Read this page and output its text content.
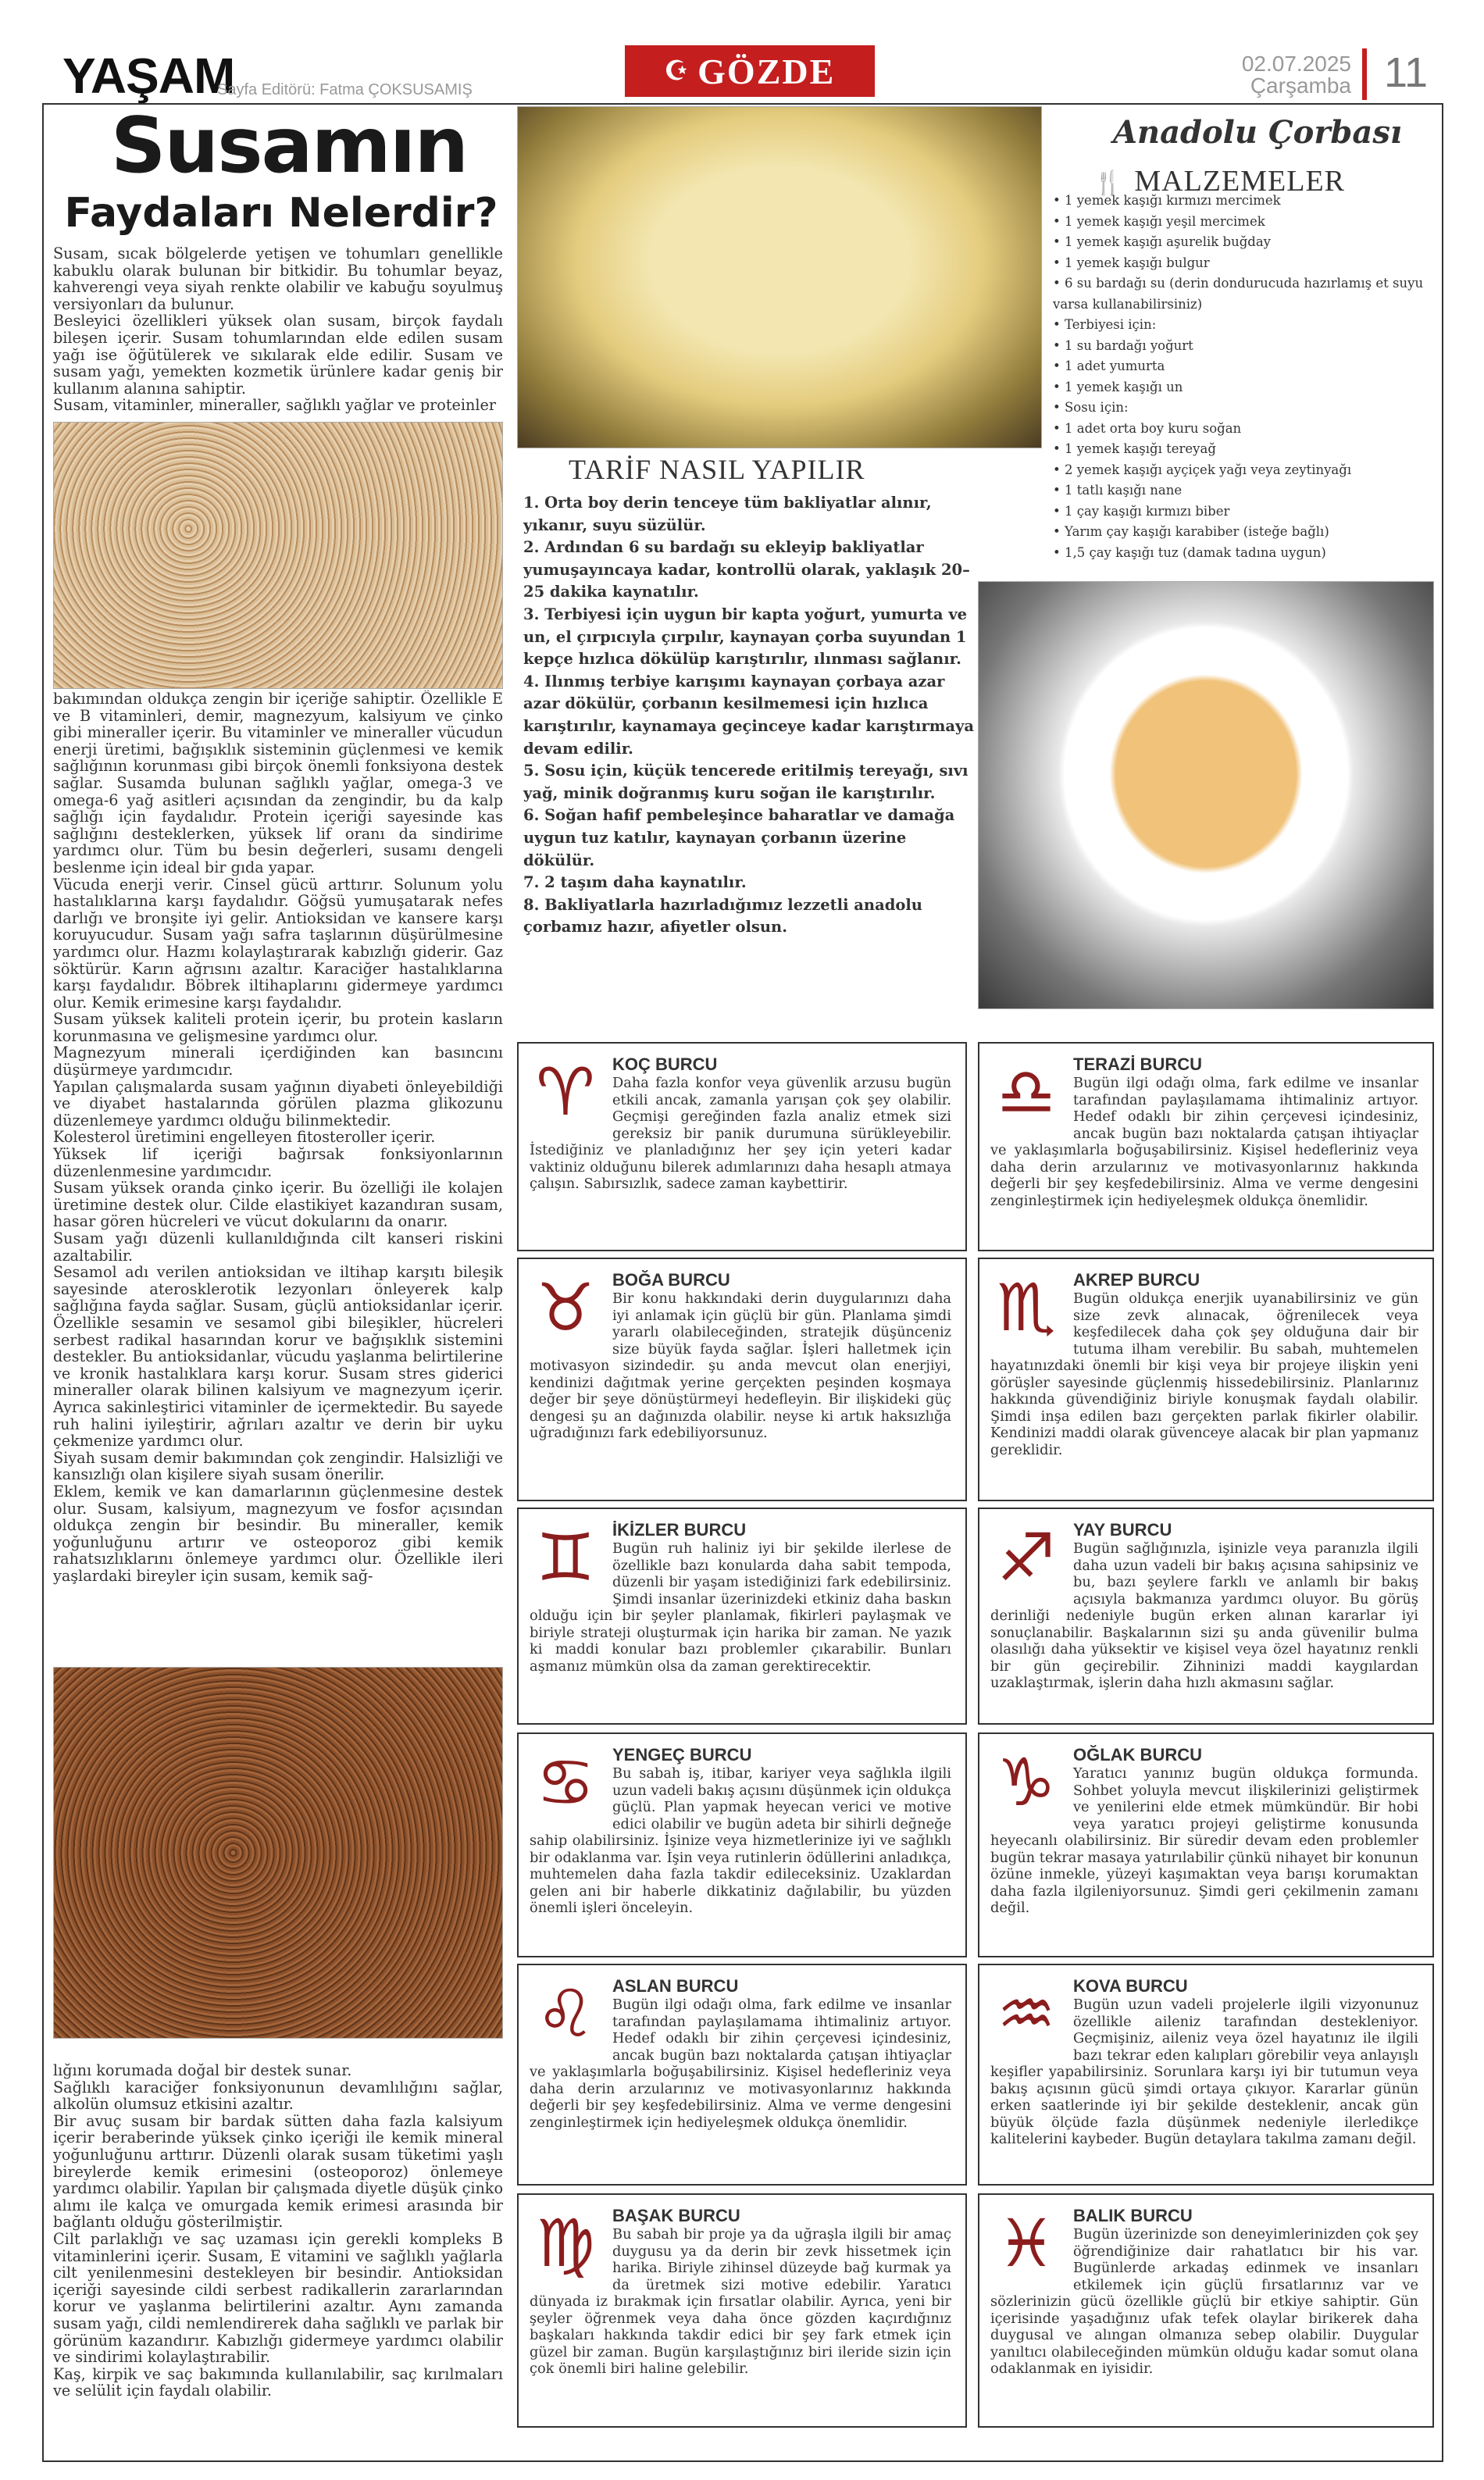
YAŞAM
Sayfa Editörü: Fatma ÇOKSUSAMIŞ
☪ GÖZDE	02.07.2025
Çarşamba 11
Susamın
Faydaları Nelerdir?

Susam, sıcak bölgelerde yetişen ve tohumları genellikle kabuklu olarak bulunan bir bitkidir. Bu tohumlar beyaz, kahverengi veya siyah renkte olabilir ve kabuğu soyulmuş versiyonları da bulunur.

Besleyici özellikleri yüksek olan susam, birçok faydalı bileşen içerir. Susam tohumlarından elde edilen susam yağı ise öğütülerek ve sıkılarak elde edilir. Susam ve susam yağı, yemekten kozmetik ürünlere kadar geniş bir kullanım alanına sahiptir.

Susam, vitaminler, mineraller, sağlıklı yağlar ve proteinler

bakımından oldukça zengin bir içeriğe sahiptir. Özellikle E ve B vitaminleri, demir, magnezyum, kalsiyum ve çinko gibi mineraller içerir. Bu vitaminler ve mineraller vücudun enerji üretimi, bağışıklık sisteminin güçlenmesi ve kemik sağlığının korunması gibi birçok önemli fonksiyona destek sağlar. Susamda bulunan sağlıklı yağlar, omega-3 ve omega-6 yağ asitleri açısından da zengindir, bu da kalp sağlığı için faydalıdır. Protein içeriği sayesinde kas sağlığını desteklerken, yüksek lif oranı da sindirime yardımcı olur. Tüm bu besin değerleri, susamı dengeli beslenme için ideal bir gıda yapar.

Vücuda enerji verir. Cinsel gücü arttırır. Solunum yolu hastalıklarına karşı faydalıdır. Göğsü yumuşatarak nefes darlığı ve bronşite iyi gelir. Antioksidan ve kansere karşı koruyucudur. Susam yağı safra taşlarının düşürülmesine yardımcı olur. Hazmı kolaylaştırarak kabızlığı giderir. Gaz söktürür. Karın ağrısını azaltır. Karaciğer hastalıklarına karşı faydalıdır. Böbrek iltihaplarını gidermeye yardımcı olur. Kemik erimesine karşı faydalıdır.

Susam yüksek kaliteli protein içerir, bu protein kasların korunmasına ve gelişmesine yardımcı olur.

Magnezyum minerali içerdiğinden kan basıncını düşürmeye yardımcıdır.

Yapılan çalışmalarda susam yağının diyabeti önleyebildiği ve diyabet hastalarında görülen plazma glikozunu düzenlemeye yardımcı olduğu bilinmektedir.

Kolesterol üretimini engelleyen fitosteroller içerir.

Yüksek lif içeriği bağırsak fonksiyonlarının düzenlenmesine yardımcıdır.

Susam yüksek oranda çinko içerir. Bu özelliği ile kolajen üretimine destek olur. Cilde elastikiyet kazandıran susam, hasar gören hücreleri ve vücut dokularını da onarır.

Susam yağı düzenli kullanıldığında cilt kanseri riskini azaltabilir.

Sesamol adı verilen antioksidan ve iltihap karşıtı bileşik sayesinde aterosklerotik lezyonları önleyerek kalp sağlığına fayda sağlar. Susam, güçlü antioksidanlar içerir. Özellikle sesamin ve sesamol gibi bileşikler, hücreleri serbest radikal hasarından korur ve bağışıklık sistemini destekler. Bu antioksidanlar, vücudu yaşlanma belirtilerine ve kronik hastalıklara karşı korur. Susam stres giderici mineraller olarak bilinen kalsiyum ve magnezyum içerir. Ayrıca sakinleştirici vitaminler de içermektedir. Bu sayede ruh halini iyileştirir, ağrıları azaltır ve derin bir uyku çekmenize yardımcı olur.

Siyah susam demir bakımından çok zengindir. Halsizliği ve kansızlığı olan kişilere siyah susam önerilir.

Eklem, kemik ve kan damarlarının güçlenmesine destek olur. Susam, kalsiyum, magnezyum ve fosfor açısından oldukça zengin bir besindir. Bu mineraller, kemik yoğunluğunu artırır ve osteoporoz gibi kemik rahatsızlıklarını önlemeye yardımcı olur. Özellikle ileri yaşlardaki bireyler için susam, kemik sağ-

lığını korumada doğal bir destek sunar.

Sağlıklı karaciğer fonksiyonunun devamlılığını sağlar, alkolün olumsuz etkisini azaltır.

Bir avuç susam bir bardak sütten daha fazla kalsiyum içerir beraberinde yüksek çinko içeriği ile kemik mineral yoğunluğunu arttırır. Düzenli olarak susam tüketimi yaşlı bireylerde kemik erimesini (osteoporoz) önlemeye yardımcı olabilir. Yapılan bir çalışmada diyetle düşük çinko alımı ile kalça ve omurgada kemik erimesi arasında bir bağlantı olduğu gösterilmiştir.

Cilt parlaklığı ve saç uzaması için gerekli kompleks B vitaminlerini içerir. Susam, E vitamini ve sağlıklı yağlarla cilt yenilenmesini destekleyen bir besindir. Antioksidan içeriği sayesinde cildi serbest radikallerin zararlarından korur ve yaşlanma belirtilerini azaltır. Aynı zamanda susam yağı, cildi nemlendirerek daha sağlıklı ve parlak bir görünüm kazandırır. Kabızlığı gidermeye yardımcı olabilir ve sindirimi kolaylaştırabilir.

Kaş, kirpik ve saç bakımında kullanılabilir, saç kırılmaları ve selülit için faydalı olabilir.

Anadolu Çorbası
🍴 MALZEMELER
• 1 yemek kaşığı kırmızı mercimek
• 1 yemek kaşığı yeşil mercimek
• 1 yemek kaşığı aşurelik buğday
• 1 yemek kaşığı bulgur
• 6 su bardağı su (derin dondurucuda hazırlamış et suyu varsa kullanabilirsiniz)
• Terbiyesi için:
• 1 su bardağı yoğurt
• 1 adet yumurta
• 1 yemek kaşığı un
• Sosu için:
• 1 adet orta boy kuru soğan
• 1 yemek kaşığı tereyağ
• 2 yemek kaşığı ayçiçek yağı veya zeytinyağı
• 1 tatlı kaşığı nane
• 1 çay kaşığı kırmızı biber
• Yarım çay kaşığı karabiber (isteğe bağlı)
• 1,5 çay kaşığı tuz (damak tadına uygun)
TARİF NASIL YAPILIR
1. Orta boy derin tenceye tüm bakliyatlar alınır, yıkanır, suyu süzülür.
2. Ardından 6 su bardağı su ekleyip bakliyatlar yumuşayıncaya kadar, kontrollü olarak, yaklaşık 20–25 dakika kaynatılır.
3. Terbiyesi için uygun bir kapta yoğurt, yumurta ve un, el çırpıcıyla çırpılır, kaynayan çorba suyundan 1 kepçe hızlıca dökülüp karıştırılır, ılınması sağlanır.
4. Ilınmış terbiye karışımı kaynayan çorbaya azar azar dökülür, çorbanın kesilmemesi için hızlıca karıştırılır, kaynamaya geçinceye kadar karıştırmaya devam edilir.
5. Sosu için, küçük tencerede eritilmiş tereyağı, sıvı yağ, minik doğranmış kuru soğan ile karıştırılır.
6. Soğan hafif pembeleşince baharatlar ve damağa uygun tuz katılır, kaynayan çorbanın üzerine dökülür.
7. 2 taşım daha kaynatılır.
8. Bakliyatlarla hazırladığımız lezzetli anadolu çorbamız hazır, afiyetler olsun.
♈	KOÇ BURCU

Daha fazla konfor veya güvenlik arzusu bugün etkili ancak, zamanla yarışan çok şey olabilir. Geçmişi gereğinden fazla analiz etmek sizi gereksiz bir panik durumuna sürükleyebilir. İstediğiniz ve planladığınız her şey için yeteri kadar vaktiniz olduğunu bilerek adımlarınızı daha hesaplı atmaya çalışın. Sabırsızlık, sadece zaman kaybettirir.

♎	TERAZİ BURCU

Bugün ilgi odağı olma, fark edilme ve insanlar tarafından paylaşılamama ihtimaliniz artıyor. Hedef odaklı bir zihin çerçevesi içindesiniz, ancak bugün bazı noktalarda çatışan ihtiyaçlar ve yaklaşımlarla boğuşabilirsiniz. Kişisel hedefleriniz veya daha derin arzularınız ve motivasyonlarınız hakkında değerli bir şey keşfedebilirsiniz. Alma ve verme dengesini zenginleştirmek için hediyeleşmek oldukça önemlidir.

♉	BOĞA BURCU

Bir konu hakkındaki derin duygularınızı daha iyi anlamak için güçlü bir gün. Planlama şimdi yararlı olabileceğinden, stratejik düşünceniz size büyük fayda sağlar. İşleri halletmek için motivasyon sizindedir. şu anda mevcut olan enerjiyi, kendinizi dağıtmak yerine gerçekten peşinden koşmaya değer bir şeye dönüştürmeyi hedefleyin. Bir ilişkideki güç dengesi şu an dağınızda olabilir. neyse ki artık haksızlığa uğradığınızı fark edebiliyorsunuz.

♏	AKREP BURCU

Bugün oldukça enerjik uyanabilirsiniz ve gün size zevk alınacak, öğrenilecek veya keşfedilecek daha çok şey olduğuna dair bir tutuma ilham verebilir. Bu sabah, muhtemelen hayatınızdaki önemli bir kişi veya bir projeye ilişkin yeni görüşler sayesinde güçlenmiş hissedebilirsiniz. Planlarınız hakkında güvendiğiniz biriyle konuşmak faydalı olabilir. Şimdi inşa edilen bazı gerçekten parlak fikirler olabilir. Kendinizi maddi olarak güvenceye alacak bir plan yapmanız gereklidir.

♊	İKİZLER BURCU

Bugün ruh haliniz iyi bir şekilde ilerlese de özellikle bazı konularda daha sabit tempoda, düzenli bir yaşam istediğinizi fark edebilirsiniz. Şimdi insanlar üzerinizdeki etkiniz daha baskın olduğu için bir şeyler planlamak, fikirleri paylaşmak ve biriyle strateji oluşturmak için harika bir zaman. Ne yazık ki maddi konular bazı problemler çıkarabilir. Bunları aşmanız mümkün olsa da zaman gerektirecektir.

♐	YAY BURCU

Bugün sağlığınızla, işinizle veya paranızla ilgili daha uzun vadeli bir bakış açısına sahipsiniz ve bu, bazı şeylere farklı ve anlamlı bir bakış açısıyla bakmanıza yardımcı oluyor. Bu görüş derinliği nedeniyle bugün erken alınan kararlar iyi sonuçlanabilir. Başkalarının sizi şu anda güvenilir bulma olasılığı daha yüksektir ve kişisel veya özel hayatınız renkli bir gün geçirebilir. Zihninizi maddi kaygılardan uzaklaştırmak, işlerin daha hızlı akmasını sağlar.

♋	YENGEÇ BURCU

Bu sabah iş, itibar, kariyer veya sağlıkla ilgili uzun vadeli bakış açısını düşünmek için oldukça güçlü. Plan yapmak heyecan verici ve motive edici olabilir ve bugün adeta bir sihirli değneğe sahip olabilirsiniz. İşinize veya hizmetlerinize iyi ve sağlıklı bir odaklanma var. İşin veya rutinlerin ödüllerini anladıkça, muhtemelen daha fazla takdir edileceksiniz. Uzaklardan gelen ani bir haberle dikkatiniz dağılabilir, bu yüzden önemli işleri önceleyin.

♑	OĞLAK BURCU

Yaratıcı yanınız bugün oldukça formunda. Sohbet yoluyla mevcut ilişkilerinizi geliştirmek ve yenilerini elde etmek mümkündür. Bir hobi veya yaratıcı projeyi geliştirme konusunda heyecanlı olabilirsiniz. Bir süredir devam eden problemler bugün tekrar masaya yatırılabilir çünkü nihayet bir konunun özüne inmekle, yüzeyi kaşımaktan veya barışı korumaktan daha fazla ilgileniyorsunuz. Şimdi geri çekilmenin zamanı değil.

♌	ASLAN BURCU

Bugün ilgi odağı olma, fark edilme ve insanlar tarafından paylaşılamama ihtimaliniz artıyor. Hedef odaklı bir zihin çerçevesi içindesiniz, ancak bugün bazı noktalarda çatışan ihtiyaçlar ve yaklaşımlarla boğuşabilirsiniz. Kişisel hedefleriniz veya daha derin arzularınız ve motivasyonlarınız hakkında değerli bir şey keşfedebilirsiniz. Alma ve verme dengesini zenginleştirmek için hediyeleşmek oldukça önemlidir.

♒	KOVA BURCU

Bugün uzun vadeli projelerle ilgili vizyonunuz özellikle aileniz tarafından destekleniyor. Geçmişiniz, aileniz veya özel hayatınız ile ilgili bazı tekrar eden kalıpları görebilir veya anlayışlı keşifler yapabilirsiniz. Sorunlara karşı iyi bir tutumun veya bakış açısının gücü şimdi ortaya çıkıyor. Kararlar günün erken saatlerinde iyi bir şekilde desteklenir, ancak gün büyük ölçüde fazla düşünmek nedeniyle ilerledikçe kalitelerini kaybeder. Bugün detaylara takılma zamanı değil.

♍	BAŞAK BURCU

Bu sabah bir proje ya da uğraşla ilgili bir amaç duygusu ya da derin bir zevk hissetmek için harika. Biriyle zihinsel düzeyde bağ kurmak ya da üretmek sizi motive edebilir. Yaratıcı dünyada iz bırakmak için fırsatlar olabilir. Ayrıca, yeni bir şeyler öğrenmek veya daha önce gözden kaçırdığınız başkaları hakkında takdir edici bir şey fark etmek için güzel bir zaman. Bugün karşılaştığınız biri ileride sizin için çok önemli biri haline gelebilir.

♓	BALIK BURCU

Bugün üzerinizde son deneyimlerinizden çok şey öğrendiğinize dair rahatlatıcı bir his var. Bugünlerde arkadaş edinmek ve insanları etkilemek için güçlü fırsatlarınız var ve sözlerinizin gücü özellikle güçlü bir etkiye sahiptir. Gün içerisinde yaşadığınız ufak tefek olaylar birikerek daha duygusal ve alıngan olmanıza sebep olabilir. Duygular yanıltıcı olabileceğinden mümkün olduğu kadar somut olana odaklanmak en iyisidir.
